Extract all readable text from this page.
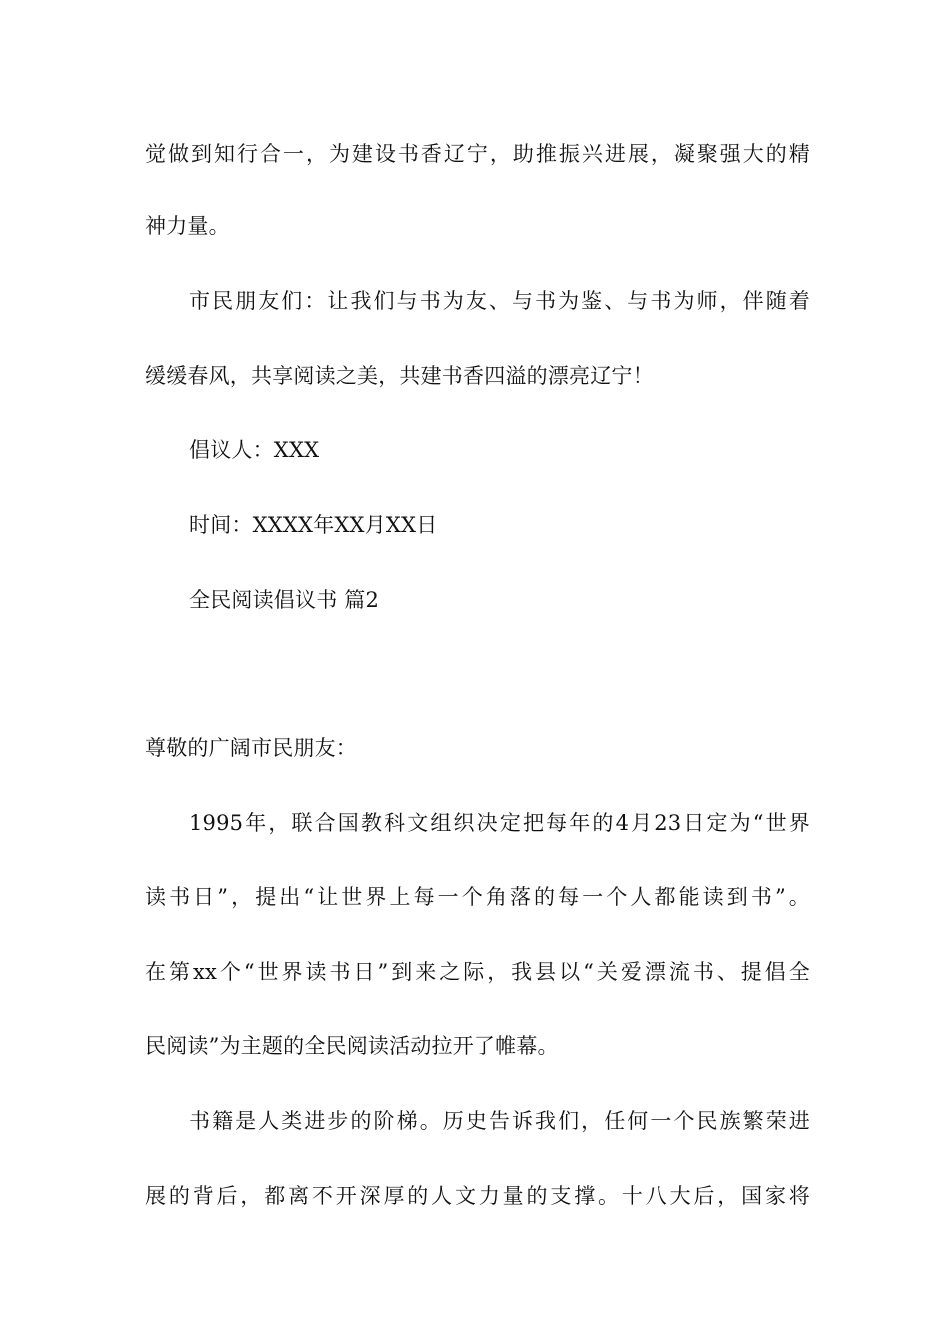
觉做到知行合一，为建设书香辽宁，助推振兴进展，凝聚强大的精
神力量。
市民朋友们：让我们与书为友、与书为鉴、与书为师，伴随着
缓缓春风，共享阅读之美，共建书香四溢的漂亮辽宁！
倡议人：XXX
时间：XXXX年XX月XX日
全民阅读倡议书 篇2
尊敬的广阔市民朋友：
1995年，联合国教科文组织决定把每年的4月23日定为“世界
读书日”，提出“让世界上每一个角落的每一个人都能读到书”。
在第xx个“世界读书日”到来之际，我县以“关爱漂流书、提倡全
民阅读”为主题的全民阅读活动拉开了帷幕。
书籍是人类进步的阶梯。历史告诉我们，任何一个民族繁荣进
展的背后，都离不开深厚的人文力量的支撑。十八大后，国家将
